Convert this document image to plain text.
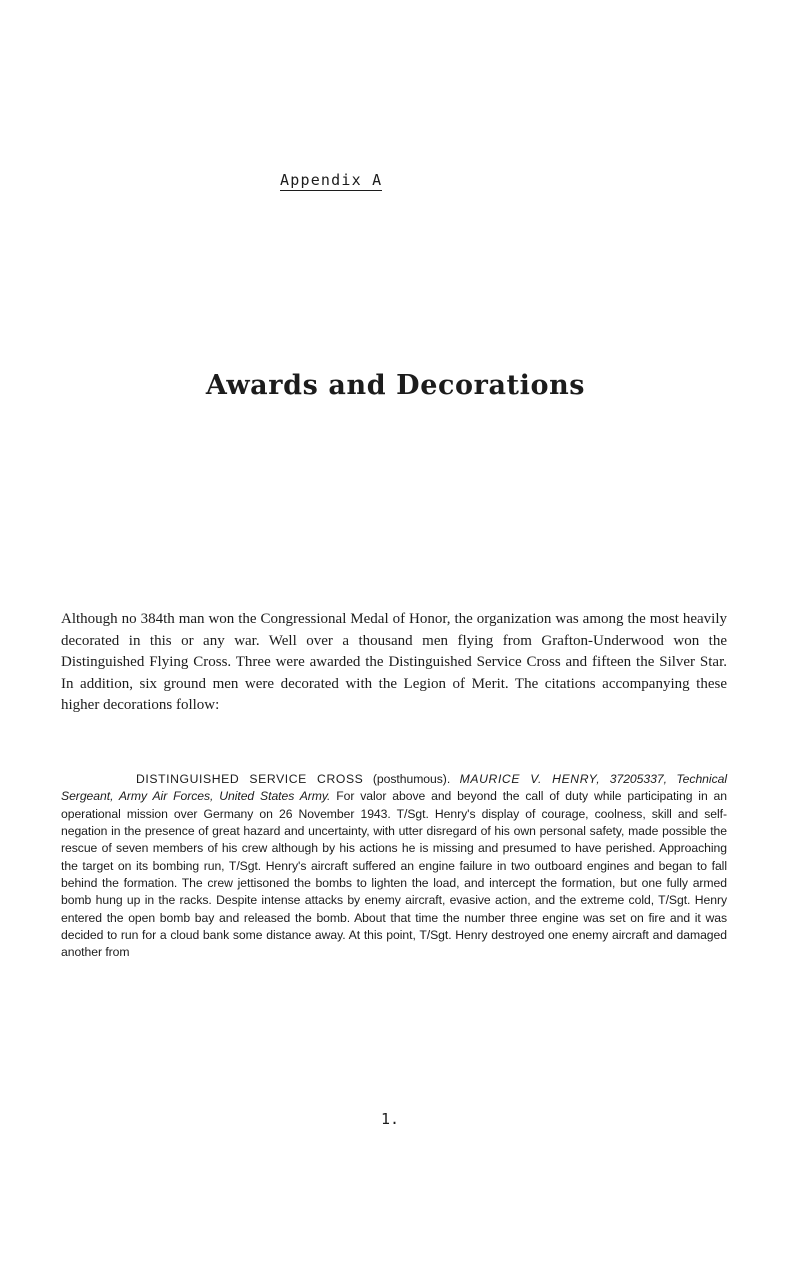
Appendix A
Awards and Decorations

Although no 384th man won the Congressional Medal of Honor, the organization was among the most heavily decorated in this or any war. Well over a thousand men flying from Grafton-Underwood won the Distinguished Flying Cross. Three were awarded the Distinguished Service Cross and fifteen the Silver Star. In addition, six ground men were decorated with the Legion of Merit. The citations accompanying these higher decorations follow:

DISTINGUISHED SERVICE CROSS (posthumous). MAURICE V. HENRY, 37205337, Technical Sergeant, Army Air Forces, United States Army. For valor above and beyond the call of duty while participating in an operational mission over Germany on 26 November 1943. T/Sgt. Henry's display of courage, coolness, skill and self-negation in the presence of great hazard and uncertainty, with utter disregard of his own personal safety, made possible the rescue of seven members of his crew although by his actions he is missing and presumed to have perished. Approaching the target on its bombing run, T/Sgt. Henry's aircraft suffered an engine failure in two outboard engines and began to fall behind the formation. The crew jettisoned the bombs to lighten the load, and intercept the formation, but one fully armed bomb hung up in the racks. Despite intense attacks by enemy aircraft, evasive action, and the extreme cold, T/Sgt. Henry entered the open bomb bay and released the bomb. About that time the number three engine was set on fire and it was decided to run for a cloud bank some distance away. At this point, T/Sgt. Henry destroyed one enemy aircraft and damaged another from

1.
